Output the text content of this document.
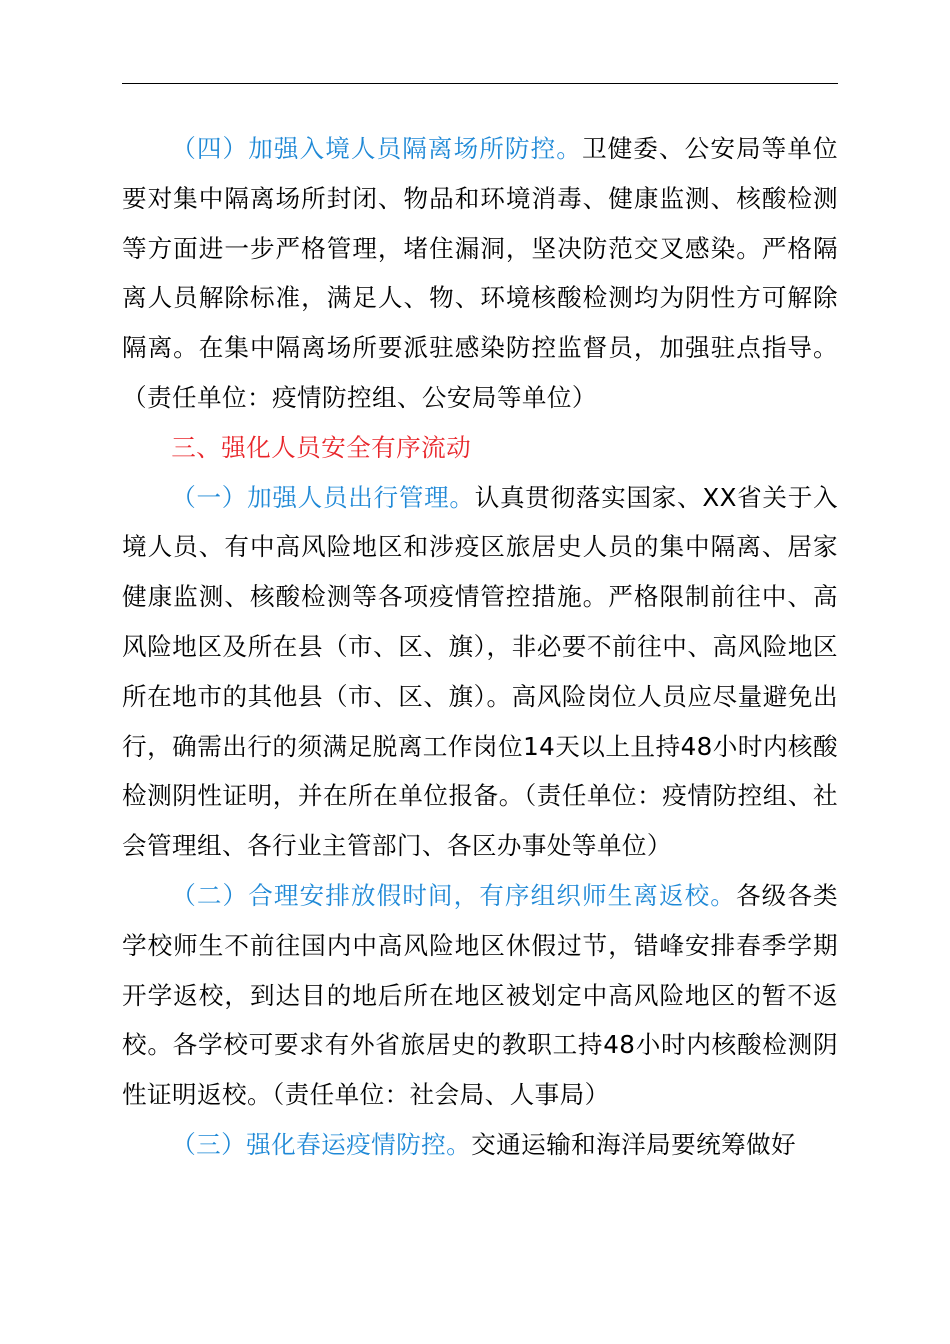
（四）加强入境人员隔离场所防控。卫健委、公安局等单位要对集中隔离场所封闭、物品和环境消毒、健康监测、核酸检测等方面进一步严格管理，堵住漏洞，坚决防范交叉感染。严格隔离人员解除标准，满足人、物、环境核酸检测均为阴性方可解除隔离。在集中隔离场所要派驻感染防控监督员，加强驻点指导。（责任单位：疫情防控组、公安局等单位）

三、强化人员安全有序流动

（一）加强人员出行管理。认真贯彻落实国家、XX省关于入境人员、有中高风险地区和涉疫区旅居史人员的集中隔离、居家健康监测、核酸检测等各项疫情管控措施。严格限制前往中、高风险地区及所在县（市、区、旗），非必要不前往中、高风险地区所在地市的其他县（市、区、旗）。高风险岗位人员应尽量避免出行，确需出行的须满足脱离工作岗位14天以上且持48小时内核酸检测阴性证明，并在所在单位报备。（责任单位：疫情防控组、社会管理组、各行业主管部门、各区办事处等单位）

（二）合理安排放假时间，有序组织师生离返校。各级各类学校师生不前往国内中高风险地区休假过节，错峰安排春季学期开学返校，到达目的地后所在地区被划定中高风险地区的暂不返校。各学校可要求有外省旅居史的教职工持48小时内核酸检测阴性证明返校。（责任单位：社会局、人事局）

（三）强化春运疫情防控。交通运输和海洋局要统筹做好
